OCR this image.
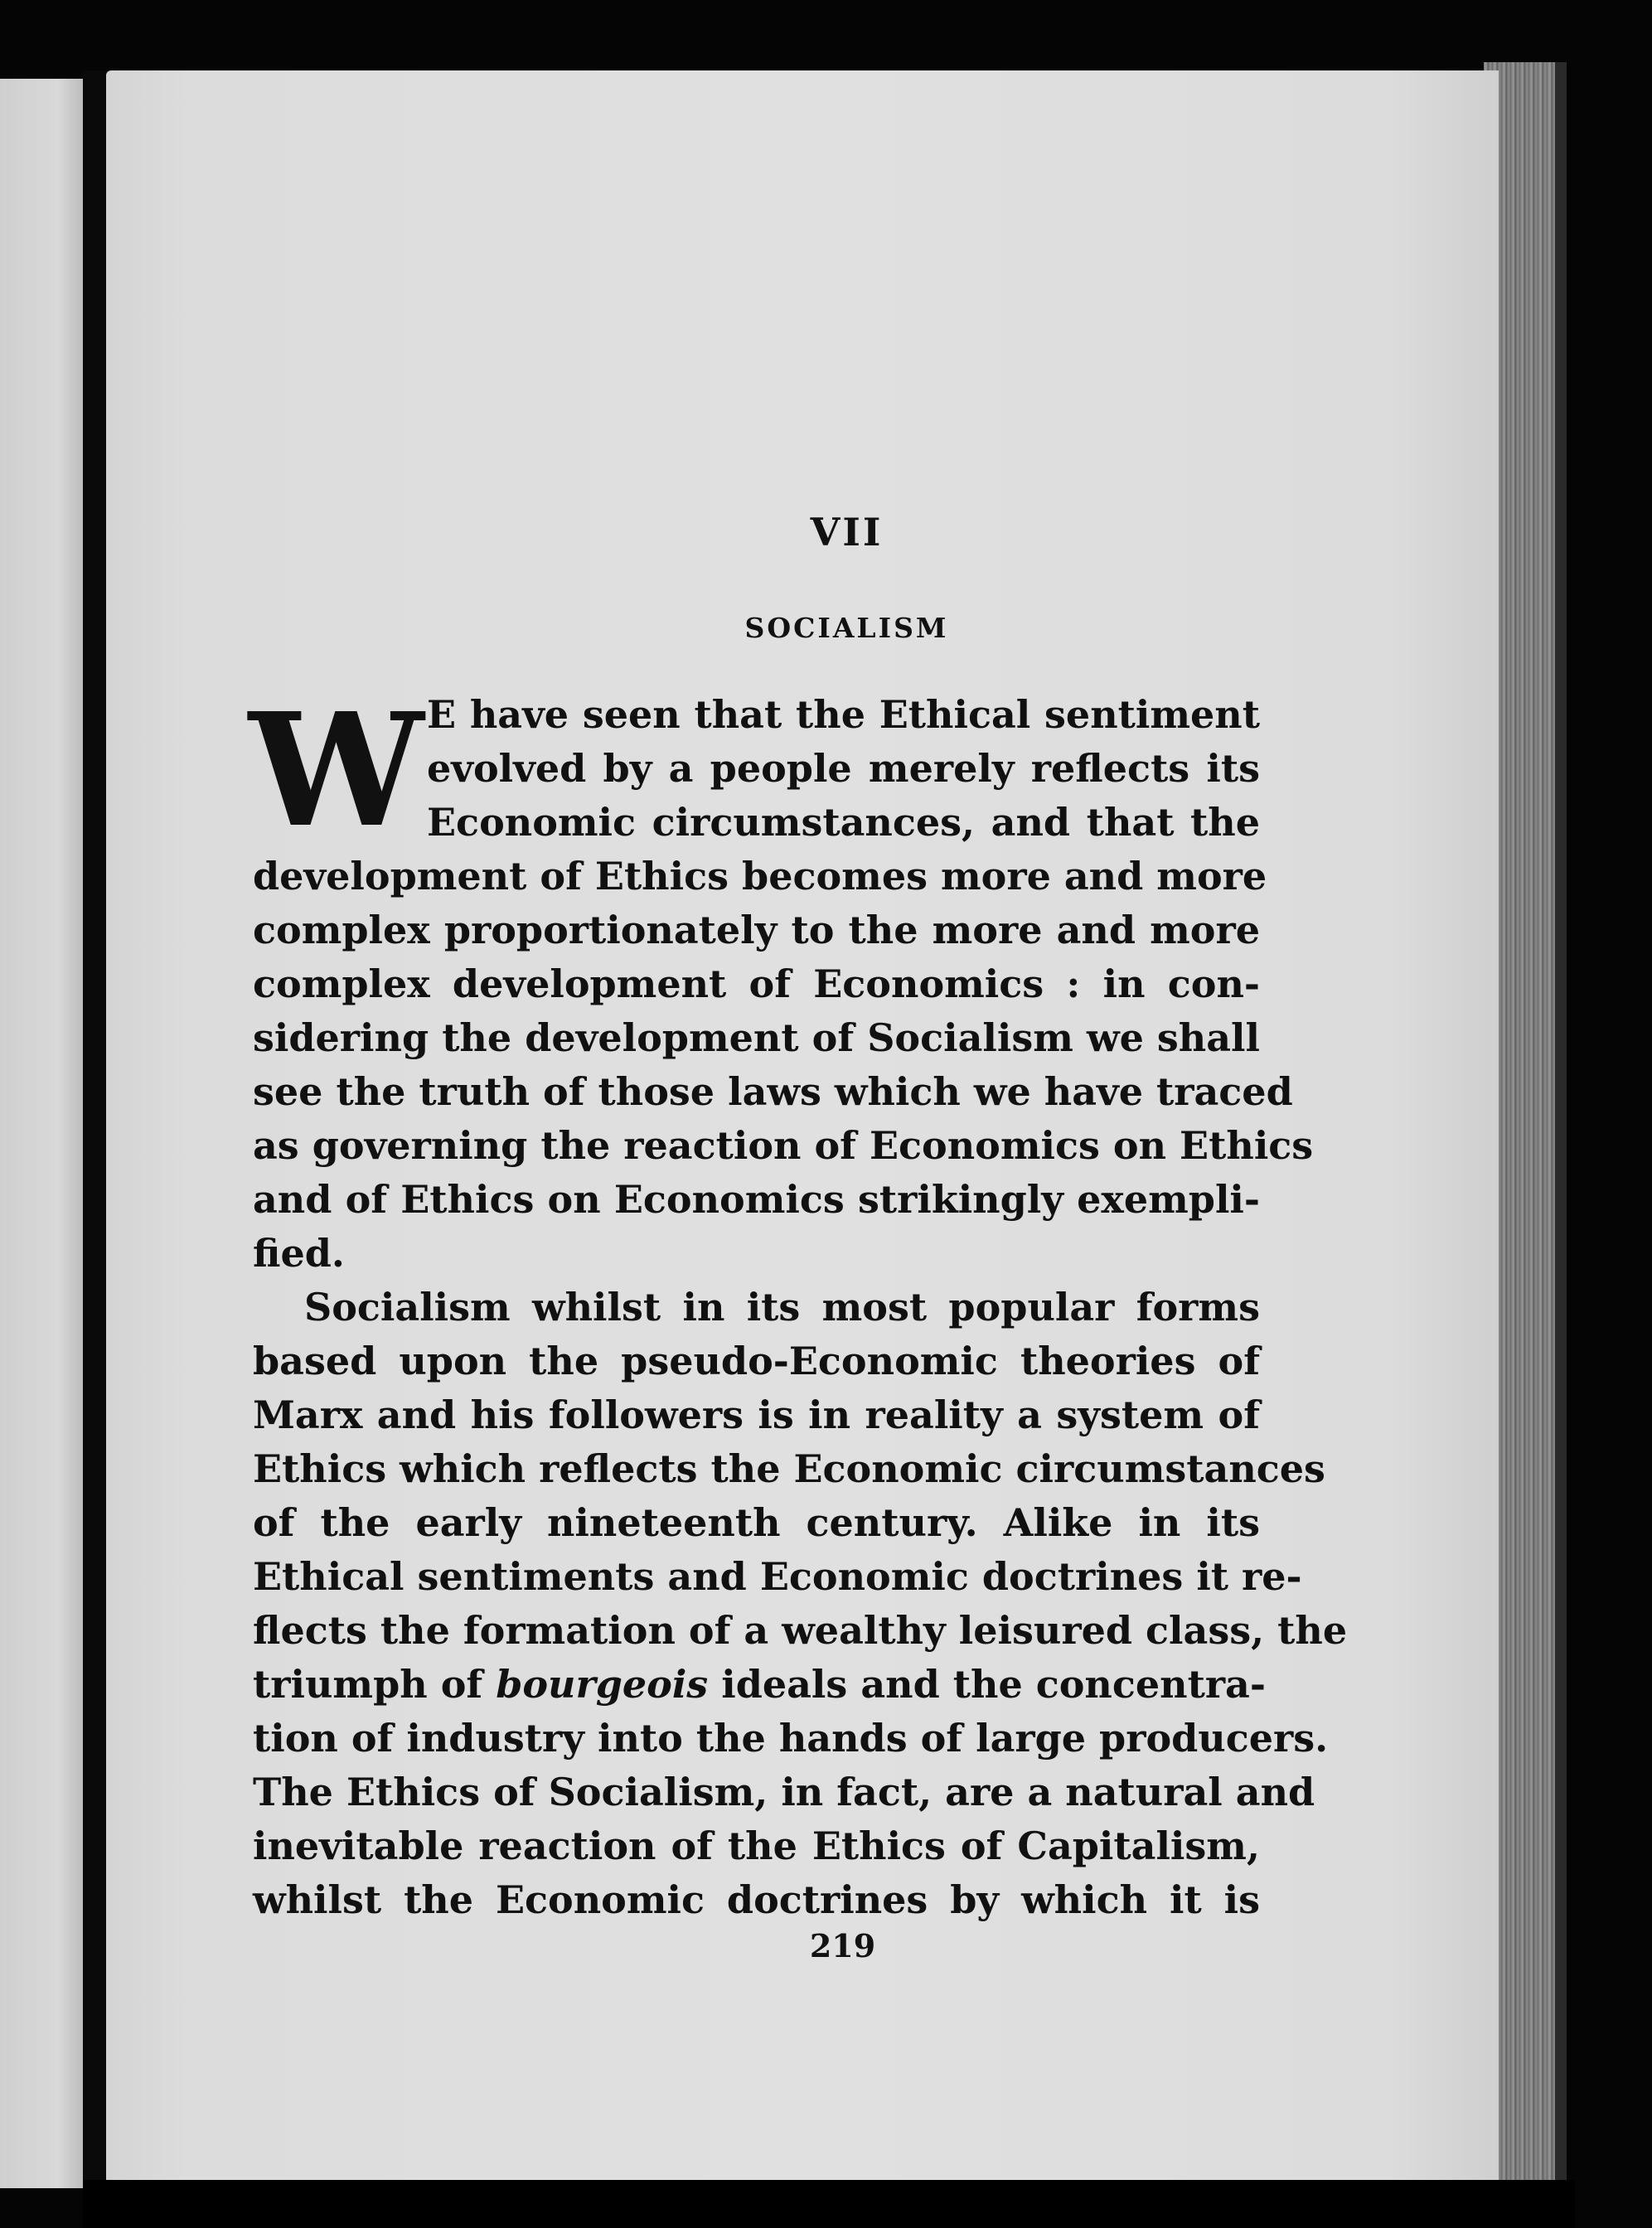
VII
SOCIALISM
W E have seen that the Ethical sentiment
evolved by a people merely reflects its
Economic circumstances, and that the
development of Ethics becomes more and more
complex proportionately to the more and more
complex development of Economics : in con-
sidering the development of Socialism we shall
see the truth of those laws which we have traced
as governing the reaction of Economics on Ethics
and of Ethics on Economics strikingly exempli-
fied.
Socialism whilst in its most popular forms
based upon the pseudo-Economic theories of
Marx and his followers is in reality a system of
Ethics which reflects the Economic circumstances
of the early nineteenth century. Alike in its
Ethical sentiments and Economic doctrines it re-
flects the formation of a wealthy leisured class, the
triumph of bourgeois ideals and the concentra-
tion of industry into the hands of large producers.
The Ethics of Socialism, in fact, are a natural and
inevitable reaction of the Ethics of Capitalism,
whilst the Economic doctrines by which it is
219
